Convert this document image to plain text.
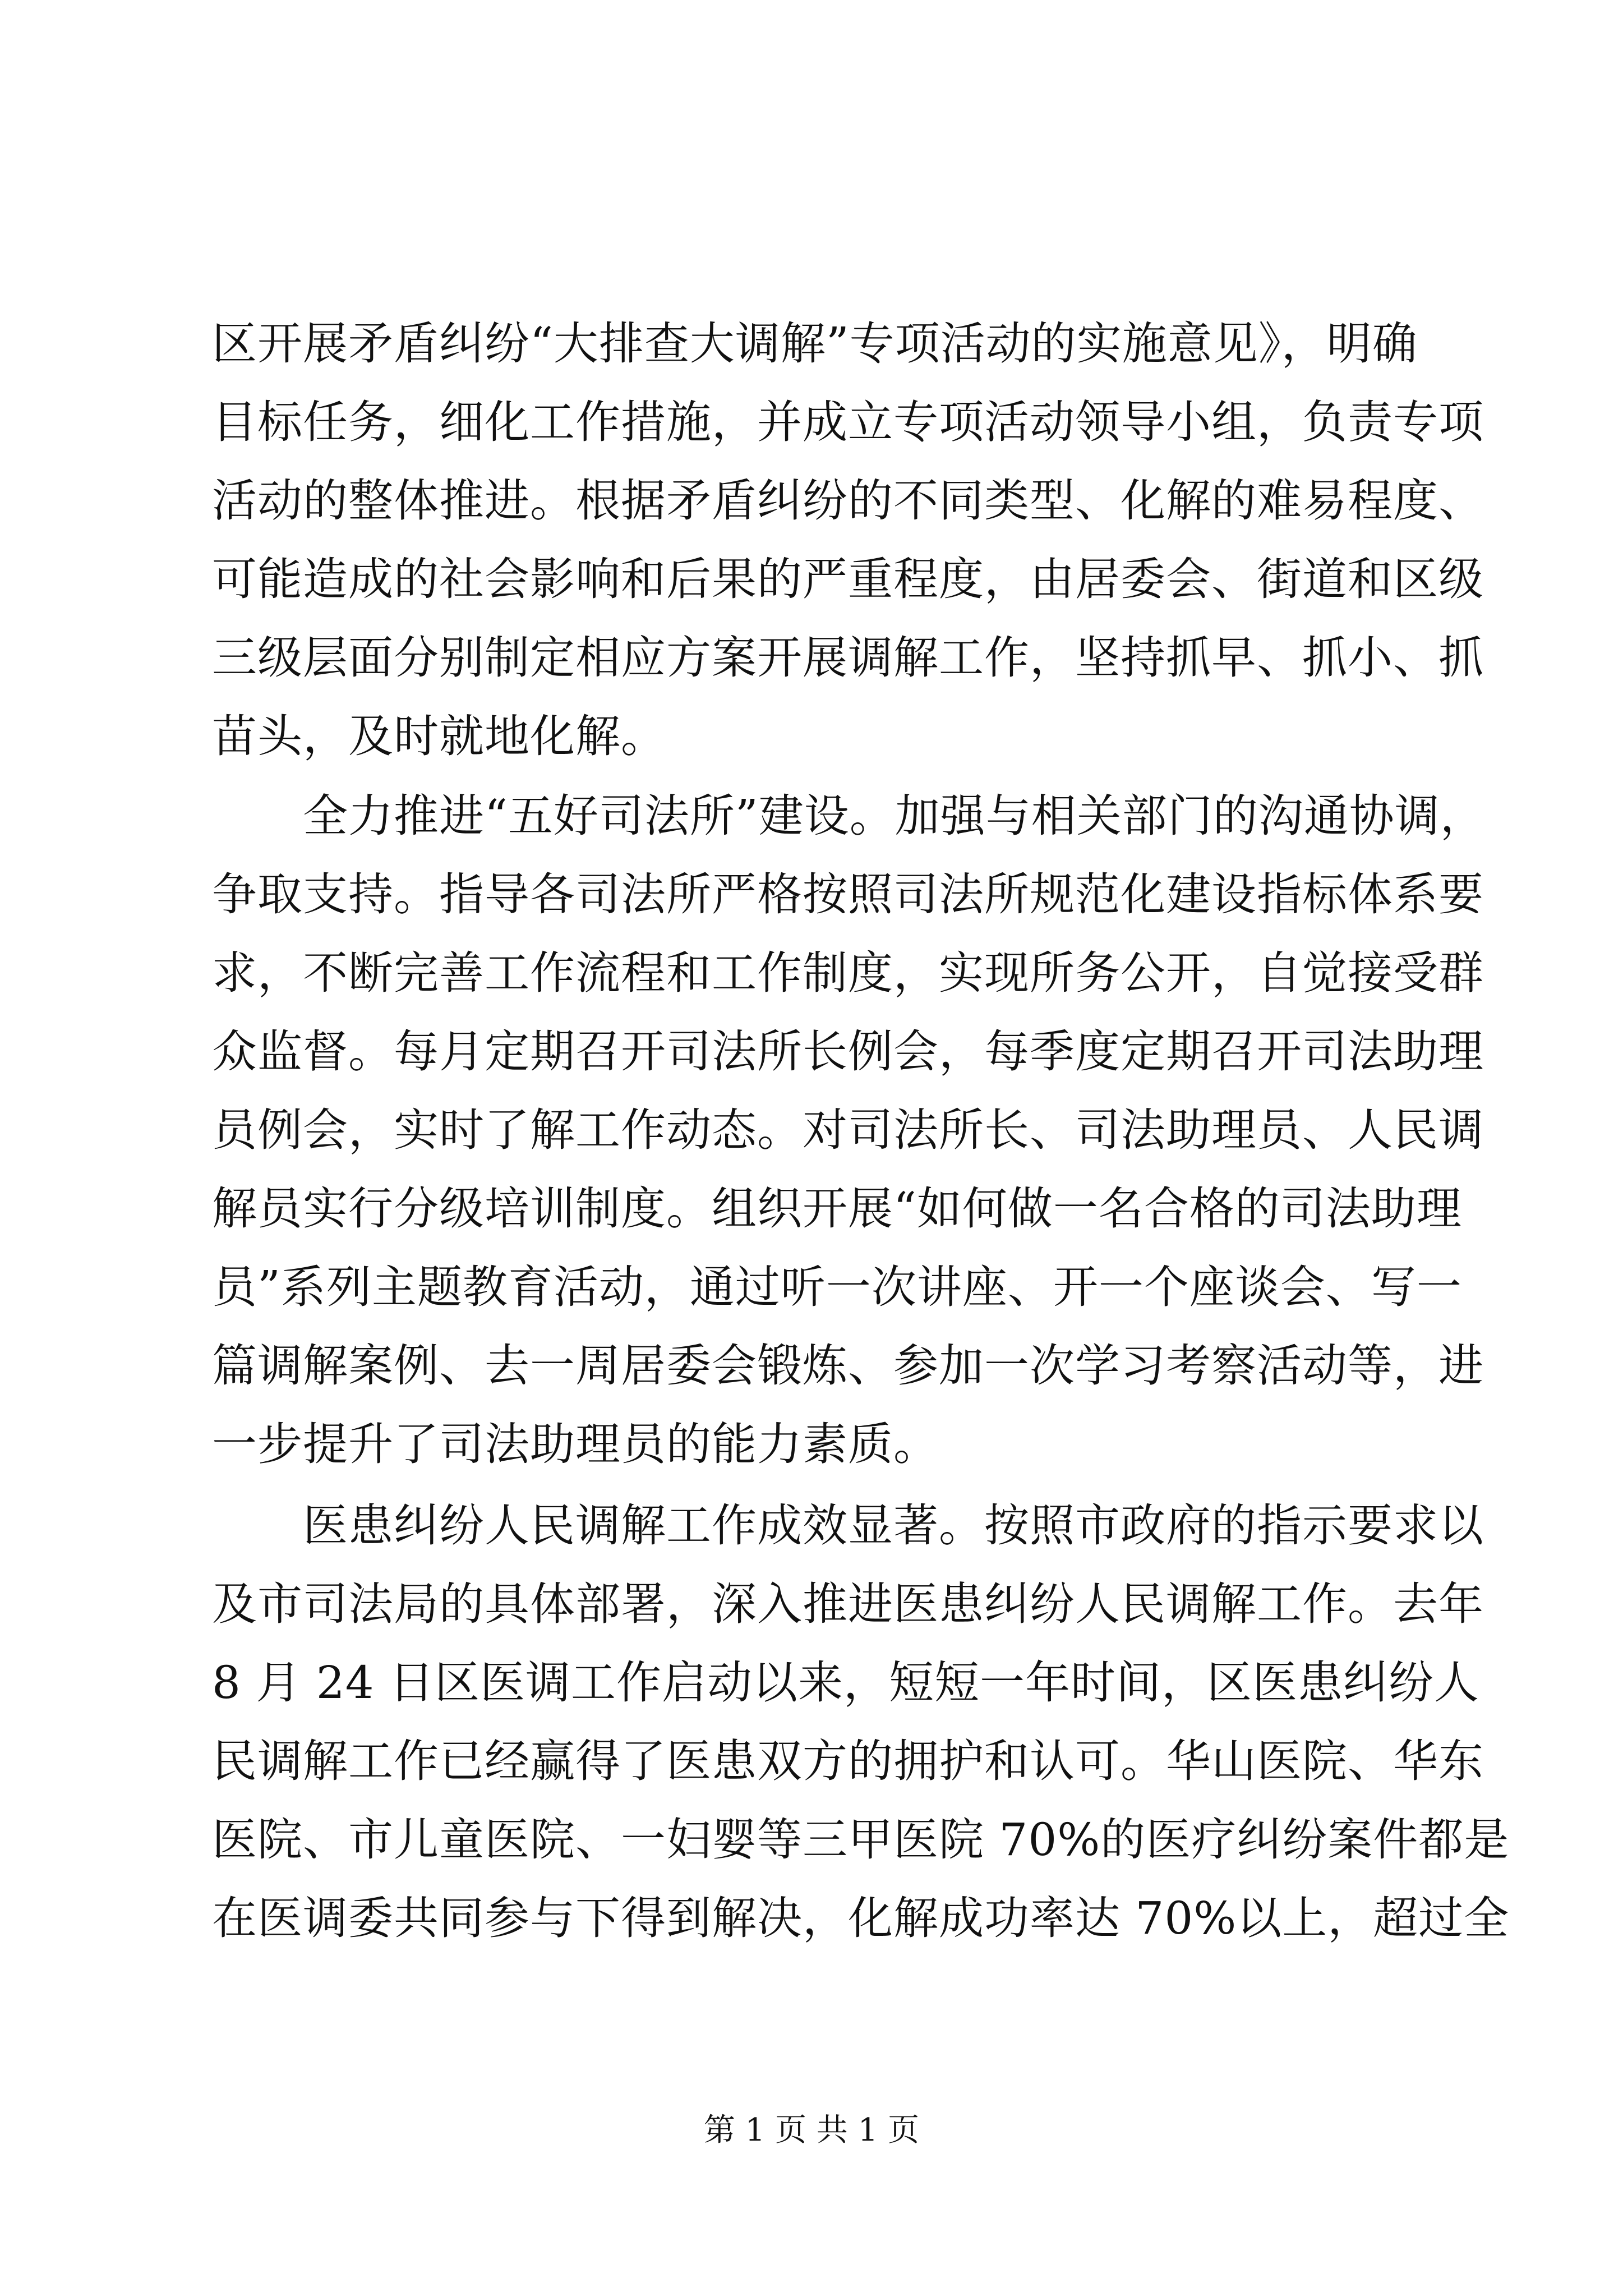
区开展矛盾纠纷“大排查大调解”专项活动的实施意见》，明确
目标任务，细化工作措施，并成立专项活动领导小组，负责专项
活动的整体推进。根据矛盾纠纷的不同类型、化解的难易程度、
可能造成的社会影响和后果的严重程度，由居委会、街道和区级
三级层面分别制定相应方案开展调解工作，坚持抓早、抓小、抓
苗头，及时就地化解。
　　全力推进“五好司法所”建设。加强与相关部门的沟通协调，
争取支持。指导各司法所严格按照司法所规范化建设指标体系要
求，不断完善工作流程和工作制度，实现所务公开，自觉接受群
众监督。每月定期召开司法所长例会，每季度定期召开司法助理
员例会，实时了解工作动态。对司法所长、司法助理员、人民调
解员实行分级培训制度。组织开展“如何做一名合格的司法助理
员”系列主题教育活动，通过听一次讲座、开一个座谈会、写一
篇调解案例、去一周居委会锻炼、参加一次学习考察活动等，进
一步提升了司法助理员的能力素质。
　　医患纠纷人民调解工作成效显著。按照市政府的指示要求以
及市司法局的具体部署，深入推进医患纠纷人民调解工作。去年
8 月 24 日区医调工作启动以来，短短一年时间，区医患纠纷人
民调解工作已经赢得了医患双方的拥护和认可。华山医院、华东
医院、市儿童医院、一妇婴等三甲医院 70%的医疗纠纷案件都是
在医调委共同参与下得到解决，化解成功率达 70%以上，超过全
第 1 页 共 1 页
